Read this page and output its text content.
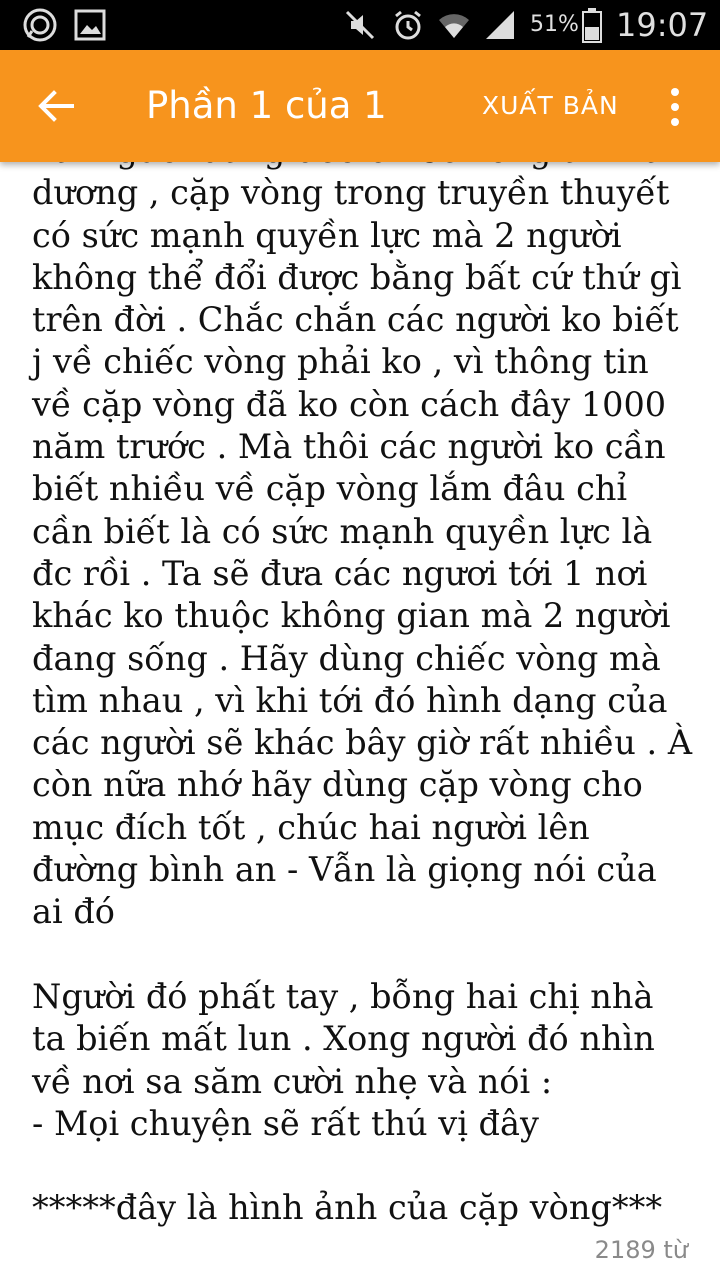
51% 19:07
Phần 1 của 1	XUẤT BẢN

dương , cặp vòng trong truyền thuyết
có sức mạnh quyền lực mà 2 người
không thể đổi được bằng bất cứ thứ gì
trên đời . Chắc chắn các người ko biết
j về chiếc vòng phải ko , vì thông tin
về cặp vòng đã ko còn cách đây 1000
năm trước . Mà thôi các người ko cần
biết nhiều về cặp vòng lắm đâu chỉ
cần biết là có sức mạnh quyền lực là
đc rồi . Ta sẽ đưa các ngươi tới 1 nơi
khác ko thuộc không gian mà 2 người
đang sống . Hãy dùng chiếc vòng mà
tìm nhau , vì khi tới đó hình dạng của
các người sẽ khác bây giờ rất nhiều . À
còn nữa nhớ hãy dùng cặp vòng cho
mục đích tốt , chúc hai người lên
đường bình an - Vẫn là giọng nói của
ai đó

Người đó phất tay , bỗng hai chị nhà
ta biến mất lun . Xong người đó nhìn
về nơi sa săm cười nhẹ và nói :
- Mọi chuyện sẽ rất thú vị đây

*****đây là hình ảnh của cặp vòng***
2189 từ
